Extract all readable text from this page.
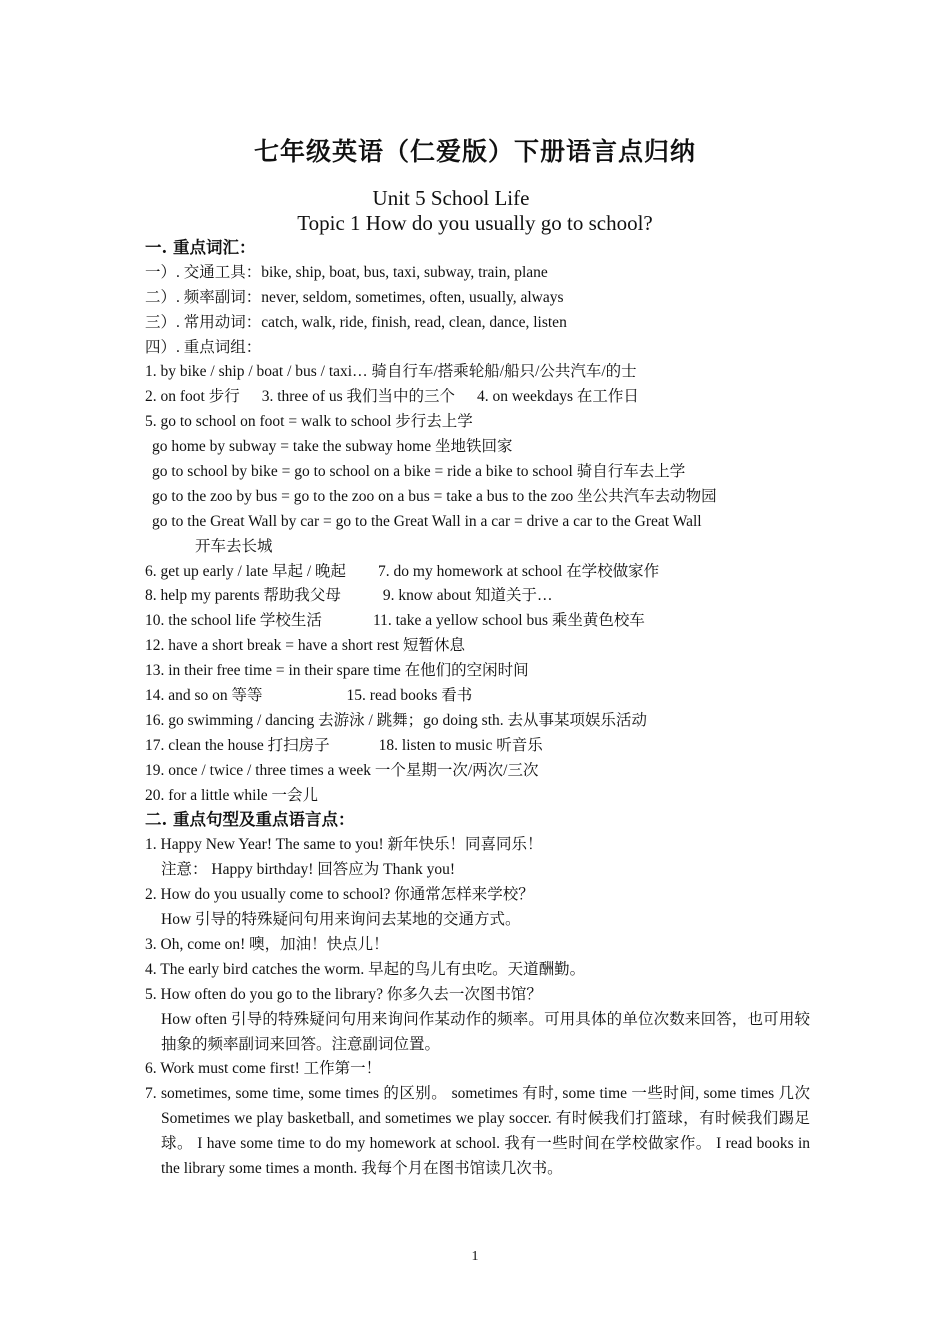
七年级英语（仁爱版）下册语言点归纳
Unit 5 School Life
Topic 1 How do you usually go to school?
一. 重点词汇：
一）. 交通工具：bike, ship, boat, bus, taxi, subway, train, plane
二）. 频率副词：never, seldom, sometimes, often, usually, always
三）. 常用动词：catch, walk, ride, finish, read, clean, dance, listen
四）. 重点词组：
1. by bike / ship / boat / bus / taxi… 骑自行车/搭乘轮船/船只/公共汽车/的士
2. on foot 步行 3. three of us 我们当中的三个 4. on weekdays 在工作日
5. go to school on foot = walk to school 步行去上学
go home by subway = take the subway home 坐地铁回家
go to school by bike = go to school on a bike = ride a bike to school 骑自行车去上学
go to the zoo by bus = go to the zoo on a bus = take a bus to the zoo 坐公共汽车去动物园
go to the Great Wall by car = go to the Great Wall in a car = drive a car to the Great Wall
开车去长城
6. get up early / late 早起 / 晚起 7. do my homework at school 在学校做家作
8. help my parents 帮助我父母	9. know about 知道关于…
10. the school life 学校生活	11. take a yellow school bus 乘坐黄色校车
12. have a short break = have a short rest 短暂休息
13. in their free time = in their spare time 在他们的空闲时间
14. and so on 等等	15. read books 看书
16. go swimming / dancing 去游泳 / 跳舞；go doing sth. 去从事某项娱乐活动
17. clean the house 打扫房子	18. listen to music 听音乐
19. once / twice / three times a week 一个星期一次/两次/三次
20. for a little while 一会儿
二. 重点句型及重点语言点：
1. Happy New Year! The same to you! 新年快乐！同喜同乐！
注意： Happy birthday! 回答应为 Thank you!
2. How do you usually come to school? 你通常怎样来学校？
How 引导的特殊疑问句用来询问去某地的交通方式。
3. Oh, come on! 噢，加油！快点儿！
4. The early bird catches the worm. 早起的鸟儿有虫吃。天道酬勤。
5. How often do you go to the library? 你多久去一次图书馆？
How often 引导的特殊疑问句用来询问作某动作的频率。可用具体的单位次数来回答，也可用较抽象的频率副词来回答。注意副词位置。
6. Work must come first! 工作第一！
7. sometimes, some time, some times 的区别。 sometimes 有时, some time 一些时间, some times 几次 Sometimes we play basketball, and sometimes we play soccer. 有时候我们打篮球，有时候我们踢足球。 I have some time to do my homework at school. 我有一些时间在学校做家作。 I read books in the library some times a month. 我每个月在图书馆读几次书。
1
